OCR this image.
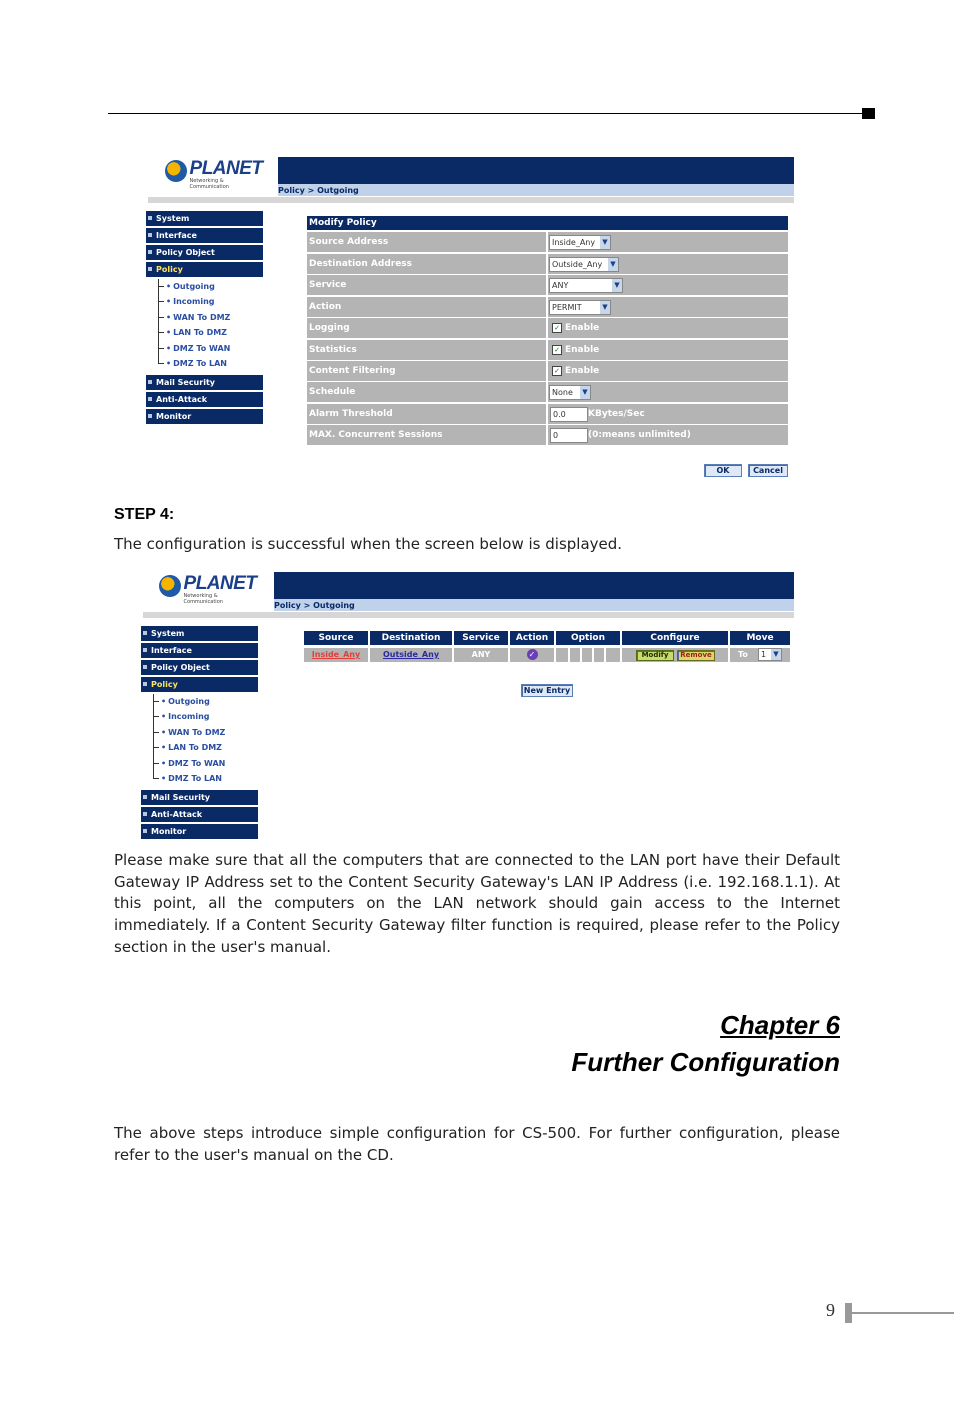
PLANET
Networking & Communication	Policy > Outgoing
System
Interface
Policy Object
Policy
• Outgoing
• Incoming
• WAN To DMZ
• LAN To DMZ
• DMZ To WAN
• DMZ To LAN
Mail Security
Anti-Attack
Monitor
Modify Policy
Source Address	Inside_Any	▼
Destination Address	Outside_Any	▼
Service	ANY	▼
Action	PERMIT	▼
Logging	✓ Enable
Statistics	✓ Enable
Content Filtering	✓ Enable
Schedule	None	▼
Alarm Threshold	0.0	KBytes/Sec
MAX. Concurrent Sessions	0	(0:means unlimited)
OK	Cancel
STEP 4:
The configuration is successful when the screen below is displayed.
PLANET
Networking & Communication	Policy > Outgoing
System
Interface
Policy Object
Policy
• Outgoing
• Incoming
• WAN To DMZ
• LAN To DMZ
• DMZ To WAN
• DMZ To LAN
Mail Security
Anti-Attack
Monitor
Source	Destination	Service	Action	Option	Configure	Move
Inside_Any	Outside_Any	ANY	✓	Modify	Remove	To	1	▼
New Entry
Please make sure that all the computers that are connected to the LAN port have their Default Gateway IP Address set to the Content Security Gateway's LAN IP Address (i.e. 192.168.1.1). At this point, all the computers on the LAN network should gain access to the Internet immediately. If a Content Security Gateway filter function is required, please refer to the Policy section in the user's manual.
Chapter 6
Further Configuration
The above steps introduce simple configuration for CS-500. For further configuration, please refer to the user's manual on the CD.
9
